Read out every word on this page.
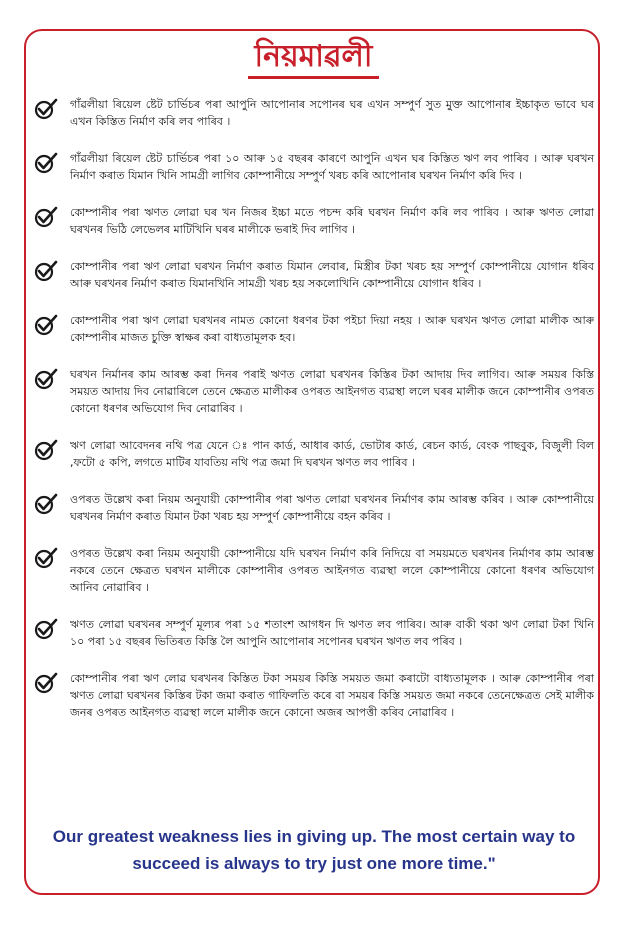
নিয়মাৱলী
গাঁৱলীয়া ৰিয়েল ষ্টেট চাৰ্ভিচৰ পৰা আপুনি আপোনাৰ সপোনৰ ঘৰ এখন সম্পুৰ্ণ সুত মুক্ত আপোনাৰ ইচ্চাকৃত ভাবে ঘৰ এখন কিস্তিত নিৰ্মাণ কৰি লব পাৰিব ।
গাঁৱলীয়া ৰিয়েল ষ্টেট চাৰ্ভিচৰ পৰা ১০ আৰু ১৫ বছৰৰ কাৰণে আপুনি এখন ঘৰ কিস্তিত ঋণ লব পাৰিব । আৰু ঘৰখন নিৰ্মাণ কৰাত যিমান খিনি সামগ্ৰী লাগিব কোম্পানীয়ে সম্পুৰ্ণ খৰচ কৰি আপোনাৰ ঘৰখন নিৰ্মাণ কৰি দিব ।
কোম্পানীৰ পৰা ঋণত লোৱা ঘৰ খন নিজৰ ইচ্চা মতে পচন্দ কৰি ঘৰখন নিৰ্মাণ কৰি লব পাৰিব । আৰু ঋণত লোৱা ঘৰখনৰ ভিঠি লেভেলৰ মাটিখিনি ঘৰৰ মালীকে ভৰাই দিব লাগিব ।
কোম্পানীৰ পৰা ঋণ লোৱা ঘৰখন নিৰ্মাণ কৰাত যিমান লেবাৰ, মিস্ত্ৰীৰ টকা খৰচ হয় সম্পুৰ্ণ কোম্পানীয়ে যোগান ধৰিব আৰু ঘৰখনৰ নিৰ্মাণ কৰাত যিমানখিনি সামগ্ৰী খৰচ হয় সকলোখিনি কোম্পানীয়ে যোগান ধৰিব ।
কোম্পানীৰ পৰা ঋণ লোৱা ঘৰখনৰ নামত কোনো ধৰণৰ টকা পইচা দিয়া নহয় । আৰু ঘৰখন ঋণত লোৱা মালীক আৰু কোম্পানীৰ মাজত চুক্তি স্বাক্ষৰ কৰা বাধ্যতামূলক হব।
ঘৰখন নিৰ্মানৰ কাম আৰম্ভ কৰা দিনৰ পৰাই ঋণত লোৱা ঘৰখনৰ কিস্তিৰ টকা আদায় দিব লাগিব। আৰু সময়ৰ কিস্তি সময়ত আদায় দিব নোৱাৰিলে তেনে ক্ষেত্ৰত মালীকৰ ওপৰত আইনগত ব্যৱস্থা ললে ঘৰৰ মালীক জনে কোম্পানীৰ ওপৰত কোনো ধৰণৰ অভিযোগ দিব নোৱাৰিব ।
ঋণ লোৱা আবেদনৰ নথি পত্ৰ যেনে ঃ পান কাৰ্ড, আধাৰ কাৰ্ড, ভোটাৰ কাৰ্ড, ৰেচন কাৰ্ড, বেংক পাছবুক, বিজুলী বিল ,ফটো ৫ কপি, লগতে মাটিৰ যাবতিয় নথি পত্ৰ জমা দি ঘৰখন ঋণত লব পাৰিব ।
ওপৰত উল্লেখ কৰা নিয়ম অনুযায়ী কোম্পানীৰ পৰা ঋণত লোৱা ঘৰখনৰ নিৰ্মাণৰ কাম আৰম্ভ কৰিব । আৰু কোম্পানীয়ে ঘৰখনৰ নিৰ্মাণ কৰাত যিমান টকা খৰচ হয় সম্পুৰ্ণ কোম্পানীয়ে বহন কৰিব ।
ওপৰত উল্লেখ কৰা নিয়ম অনুযায়ী কোম্পানীয়ে যদি ঘৰখন নিৰ্মাণ কৰি নিদিয়ে বা সময়মতে ঘৰখনৰ নিৰ্মাণৰ কাম আৰম্ভ নকৰে তেনে ক্ষেত্ৰত ঘৰখন মালীকে কোম্পানীৰ ওপৰত আইনগত ব্যৱস্থা ললে কোম্পানীয়ে কোনো ধৰণৰ অভিযোগ আনিব নোৱাৰিব ।
ঋণত লোৱা ঘৰখনৰ সম্পুৰ্ণ মূল্যৰ পৰা ১৫ শতাংশ আগধন দি ঋণত লব পাৰিব। আৰু বাকী থকা ঋণ লোৱা টকা খিনি ১০ পৰা ১৫ বছৰৰ ভিতিৰত কিস্তি লৈ আপুনি আপোনাৰ সপোনৰ ঘৰখন ঋণত লব পৰিব ।
কোম্পানীৰ পৰা ঋণ লোৱ ঘৰখনৰ কিস্তিত টকা সময়ৰ কিস্তি সময়ত জমা কৰাটো বাধ্যতামূলক । আৰু কোম্পানীৰ পৰা ঋণত লোৱা ঘৰখনৰ কিস্তিৰ টকা জমা কৰাত গাফিলতি কৰে বা সময়ৰ কিস্তি সময়ত জমা নকৰে তেনেক্ষেত্ৰত সেই মালীক জনৰ ওপৰত আইনগত ব্যৱস্থা ললে মালীক জনে কোনো অজৰ আপত্তী কৰিব নোৱাৰিব ।
Our greatest weakness lies in giving up. The most certain way to succeed is always to try just one more time."
